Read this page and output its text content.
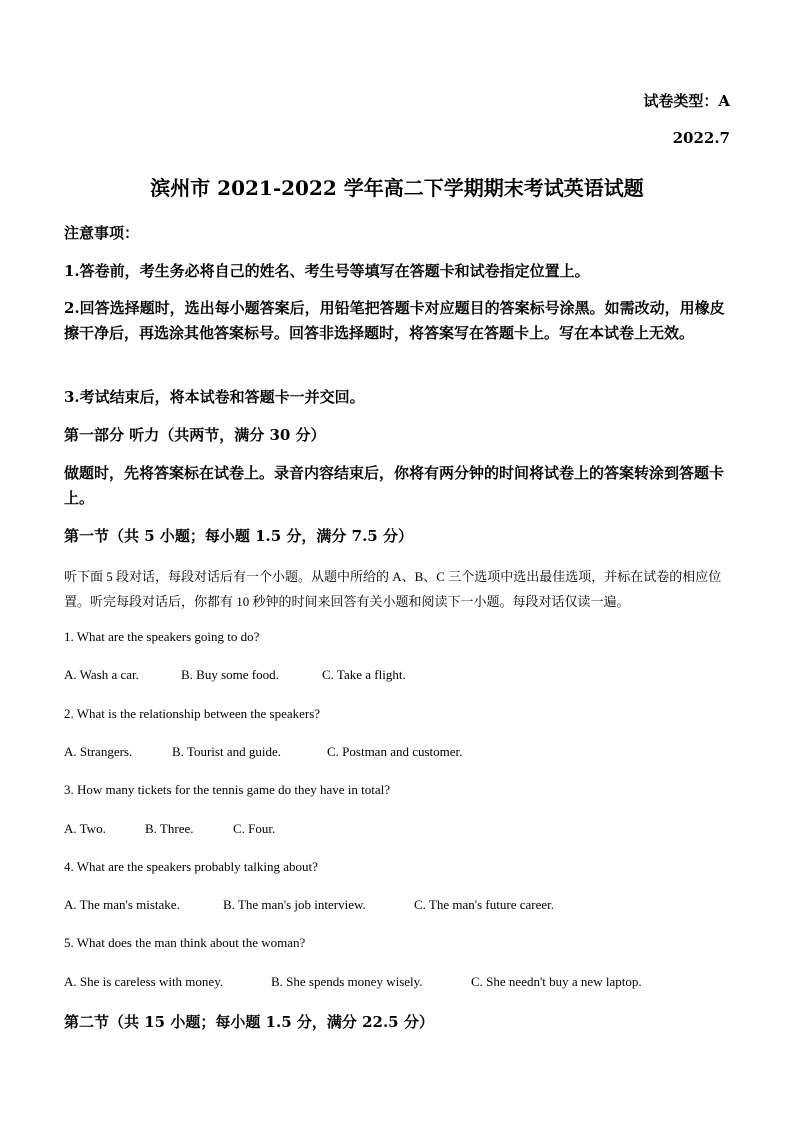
试卷类型：A
2022.7
滨州市 2021-2022 学年高二下学期期末考试英语试题
注意事项：
1.答卷前，考生务必将自己的姓名、考生号等填写在答题卡和试卷指定位置上。
2.回答选择题时，选出每小题答案后，用铅笔把答题卡对应题目的答案标号涂黑。如需改动，用橡皮擦干净后，再选涂其他答案标号。回答非选择题时，将答案写在答题卡上。写在本试卷上无效。
3.考试结束后，将本试卷和答题卡一并交回。
第一部分 听力（共两节，满分 30 分）
做题时，先将答案标在试卷上。录音内容结束后，你将有两分钟的时间将试卷上的答案转涂到答题卡上。
第一节（共 5 小题；每小题 1.5 分，满分 7.5 分）
听下面 5 段对话，每段对话后有一个小题。从题中所给的 A、B、C 三个选项中选出最佳选项，并标在试卷的相应位置。听完每段对话后，你都有 10 秒钟的时间来回答有关小题和阅读下一小题。每段对话仅读一遍。
1. What are the speakers going to do?
A. Wash a car.	B. Buy some food.	C. Take a flight.
2. What is the relationship between the speakers?
A. Strangers.	B. Tourist and guide.	C. Postman and customer.
3. How many tickets for the tennis game do they have in total?
A. Two.	B. Three.	C. Four.
4. What are the speakers probably talking about?
A. The man's mistake.	B. The man's job interview.	C. The man's future career.
5. What does the man think about the woman?
A. She is careless with money.	B. She spends money wisely.	C. She needn't buy a new laptop.
第二节（共 15 小题；每小题 1.5 分，满分 22.5 分）
